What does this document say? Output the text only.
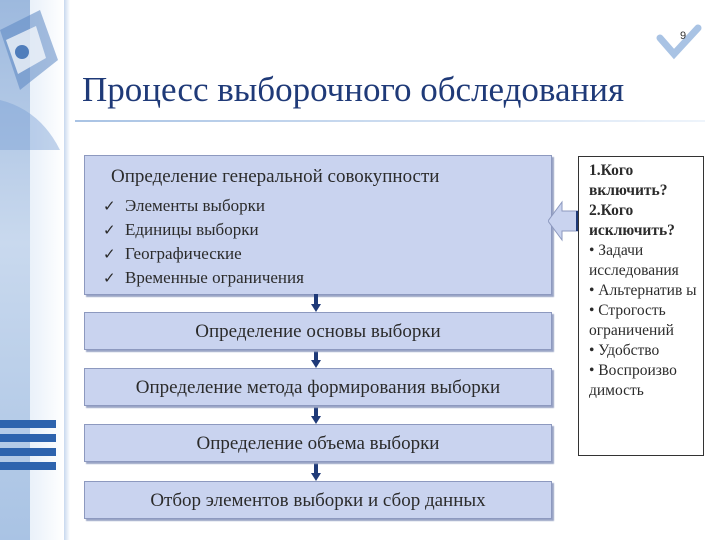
9
Процесс выборочного обследования
Определение генеральной совокупности
✓ Элементы выборки
✓ Единицы выборки
✓ Географические
✓ Временные ограничения
Определение основы выборки
Определение метода формирования выборки
Определение объема выборки
Отбор элементов выборки и сбор данных
1.Кого включить?
2.Кого исключить?
• Задачи исследования
• Альтернатив ы
• Строгость ограничений
• Удобство
• Воспроизво димость
